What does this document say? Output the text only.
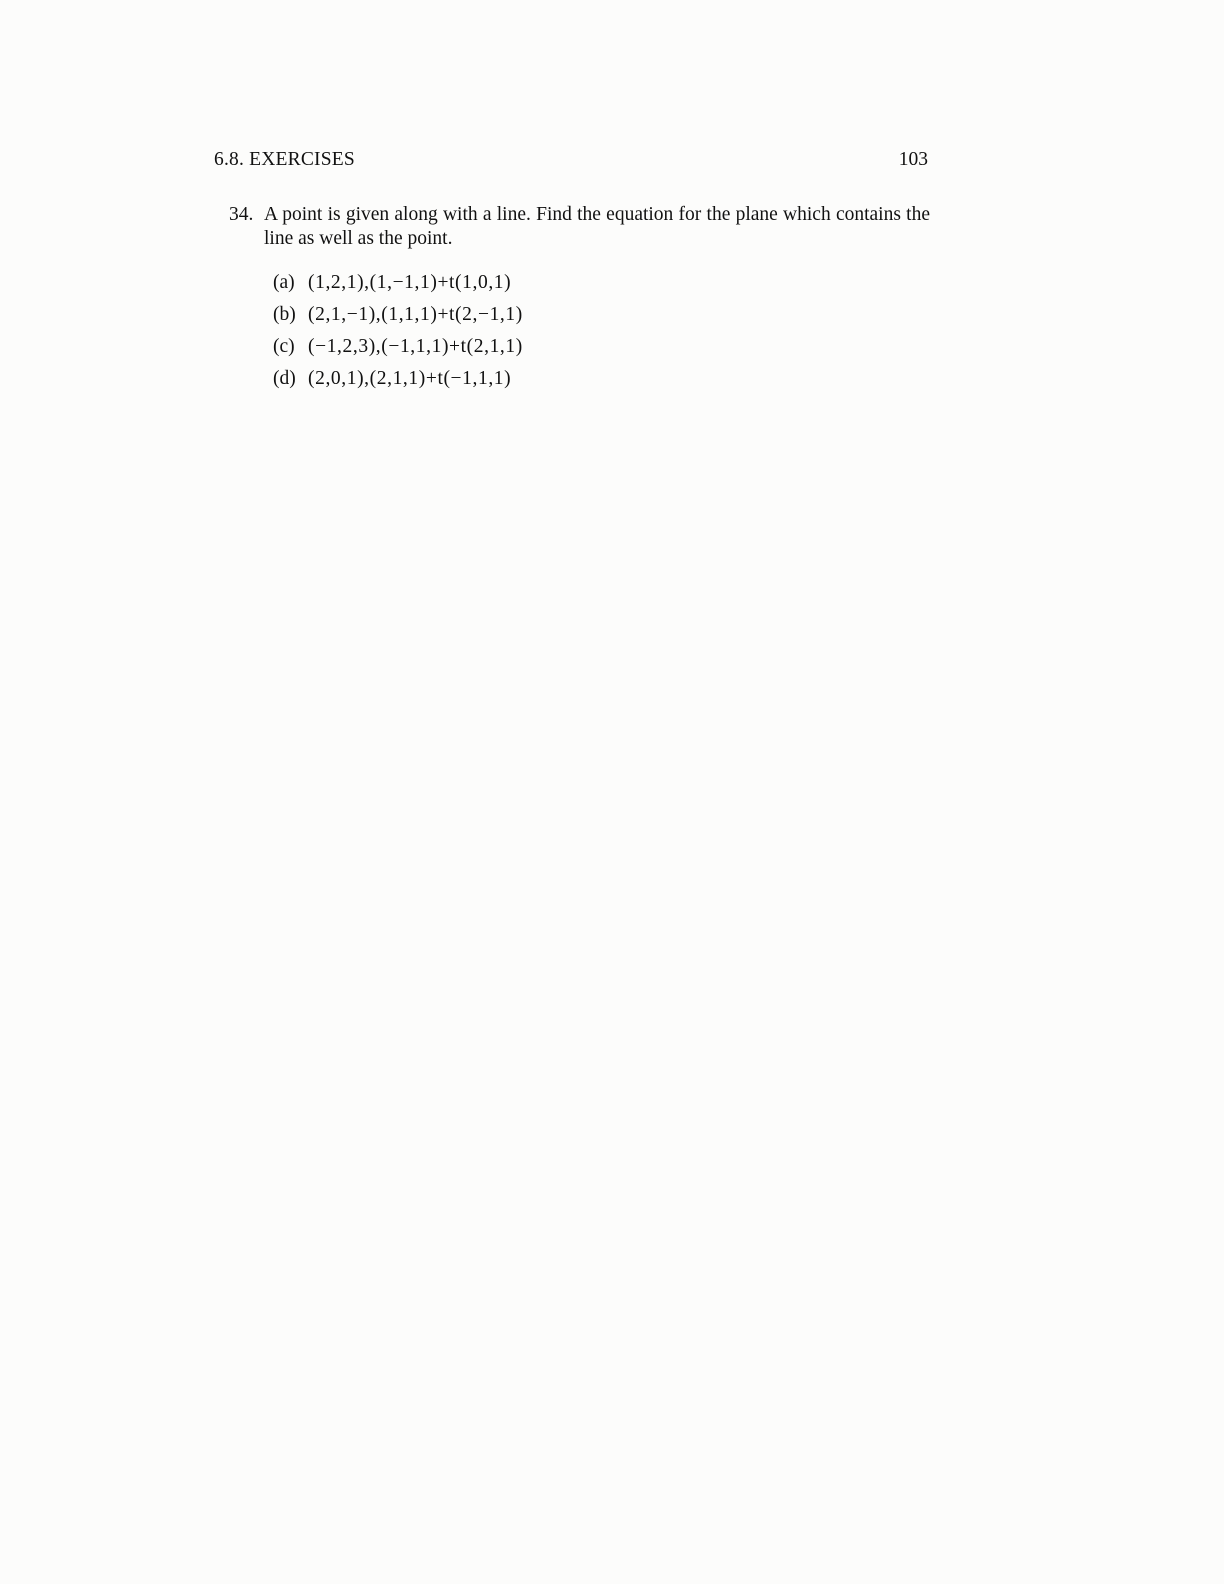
6.8. EXERCISES	103
34. A point is given along with a line. Find the equation for the plane which contains the line as well as the point.
(a) (1,2,1),(1,−1,1)+t(1,0,1)
(b) (2,1,−1),(1,1,1)+t(2,−1,1)
(c) (−1,2,3),(−1,1,1)+t(2,1,1)
(d) (2,0,1),(2,1,1)+t(−1,1,1)
